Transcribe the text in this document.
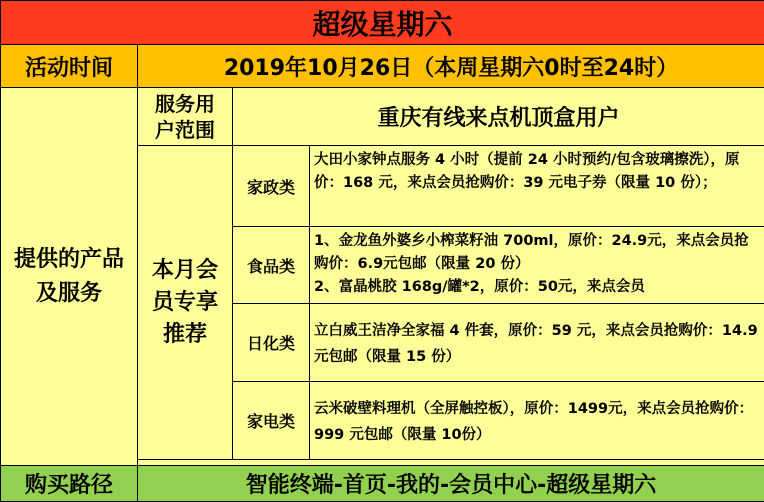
超级星期六			
活动时间	2019年10月26日（本周星期六0时至24时）		
提供的产品及服务	服务用户范围	重庆有线来点机顶盒用户	
	本月会员专享推荐	家政类	大田小家钟点服务 4 小时（提前 24 小时预约/包含玻璃擦洗），原价：168 元，来点会员抢购价：39 元电子券（限量 10 份）；
		食品类	1、金龙鱼外婆乡小榨菜籽油 700ml，原价：24.9元，来点会员抢购价：6.9元包邮（限量 20 份）
2、富晶桃胶 168g/罐*2，原价：50元，来点会员
		日化类	立白威王洁净全家福 4 件套，原价：59 元，来点会员抢购价：14.9 元包邮（限量 15 份）
		家电类	云米破壁料理机（全屏触控板），原价：1499元，来点会员抢购价：999 元包邮（限量 10份）

购买路径	智能终端-首页-我的-会员中心-超级星期六		
